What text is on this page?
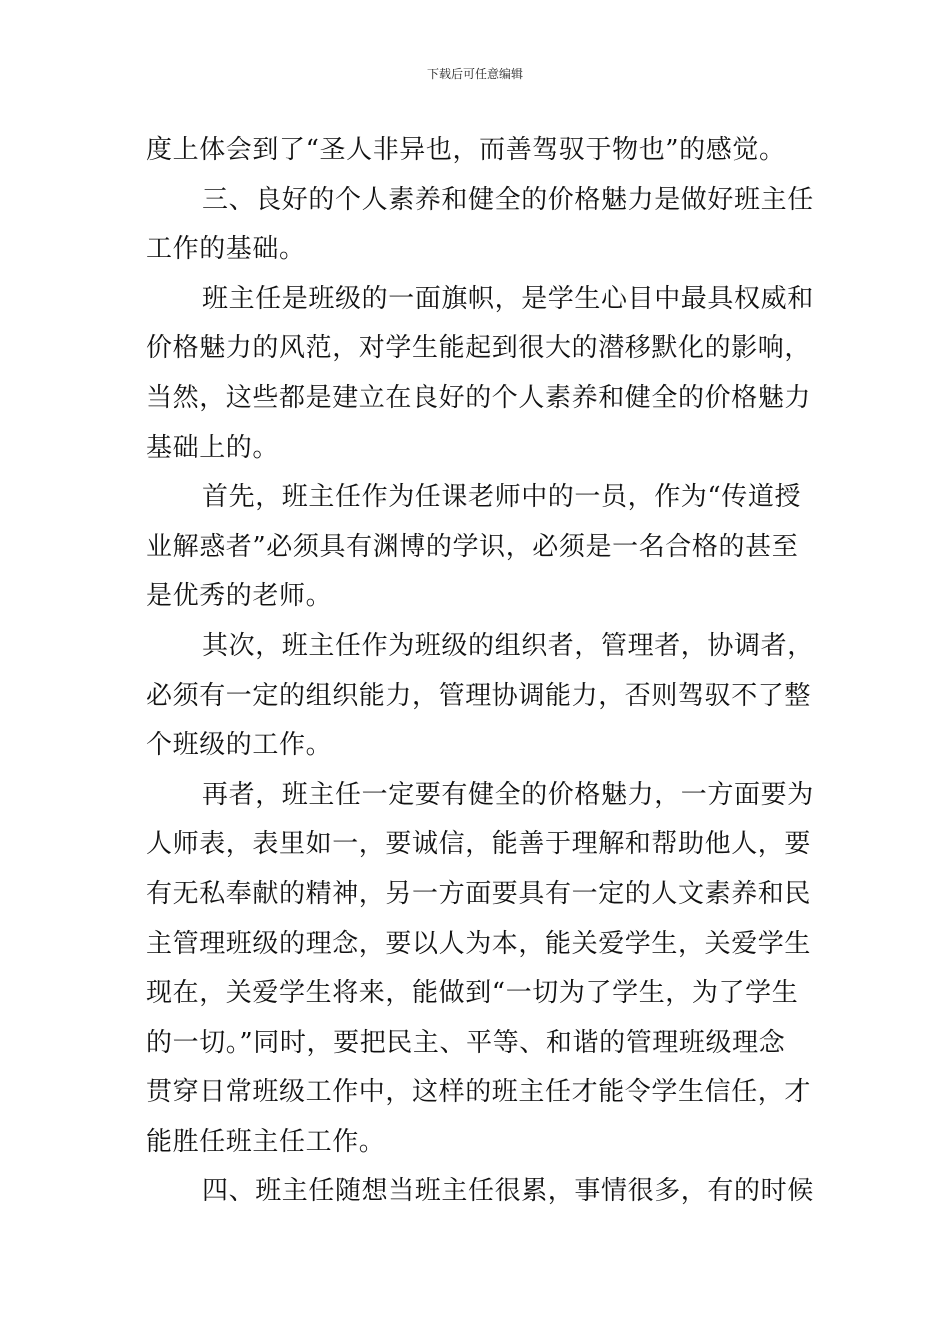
下载后可任意编辑
度上体会到了“圣人非异也，而善驾驭于物也”的感觉。
三、良好的个人素养和健全的价格魅力是做好班主任
工作的基础。
班主任是班级的一面旗帜，是学生心目中最具权威和
价格魅力的风范，对学生能起到很大的潜移默化的影响，
当然，这些都是建立在良好的个人素养和健全的价格魅力
基础上的。
首先，班主任作为任课老师中的一员，作为“传道授
业解惑者”必须具有渊博的学识，必须是一名合格的甚至
是优秀的老师。
其次，班主任作为班级的组织者，管理者，协调者，
必须有一定的组织能力，管理协调能力，否则驾驭不了整
个班级的工作。
再者，班主任一定要有健全的价格魅力，一方面要为
人师表，表里如一，要诚信，能善于理解和帮助他人，要
有无私奉献的精神，另一方面要具有一定的人文素养和民
主管理班级的理念，要以人为本，能关爱学生，关爱学生
现在，关爱学生将来，能做到“一切为了学生，为了学生
的一切。”同时，要把民主、平等、和谐的管理班级理念
贯穿日常班级工作中，这样的班主任才能令学生信任，才
能胜任班主任工作。
四、班主任随想当班主任很累，事情很多，有的时候
